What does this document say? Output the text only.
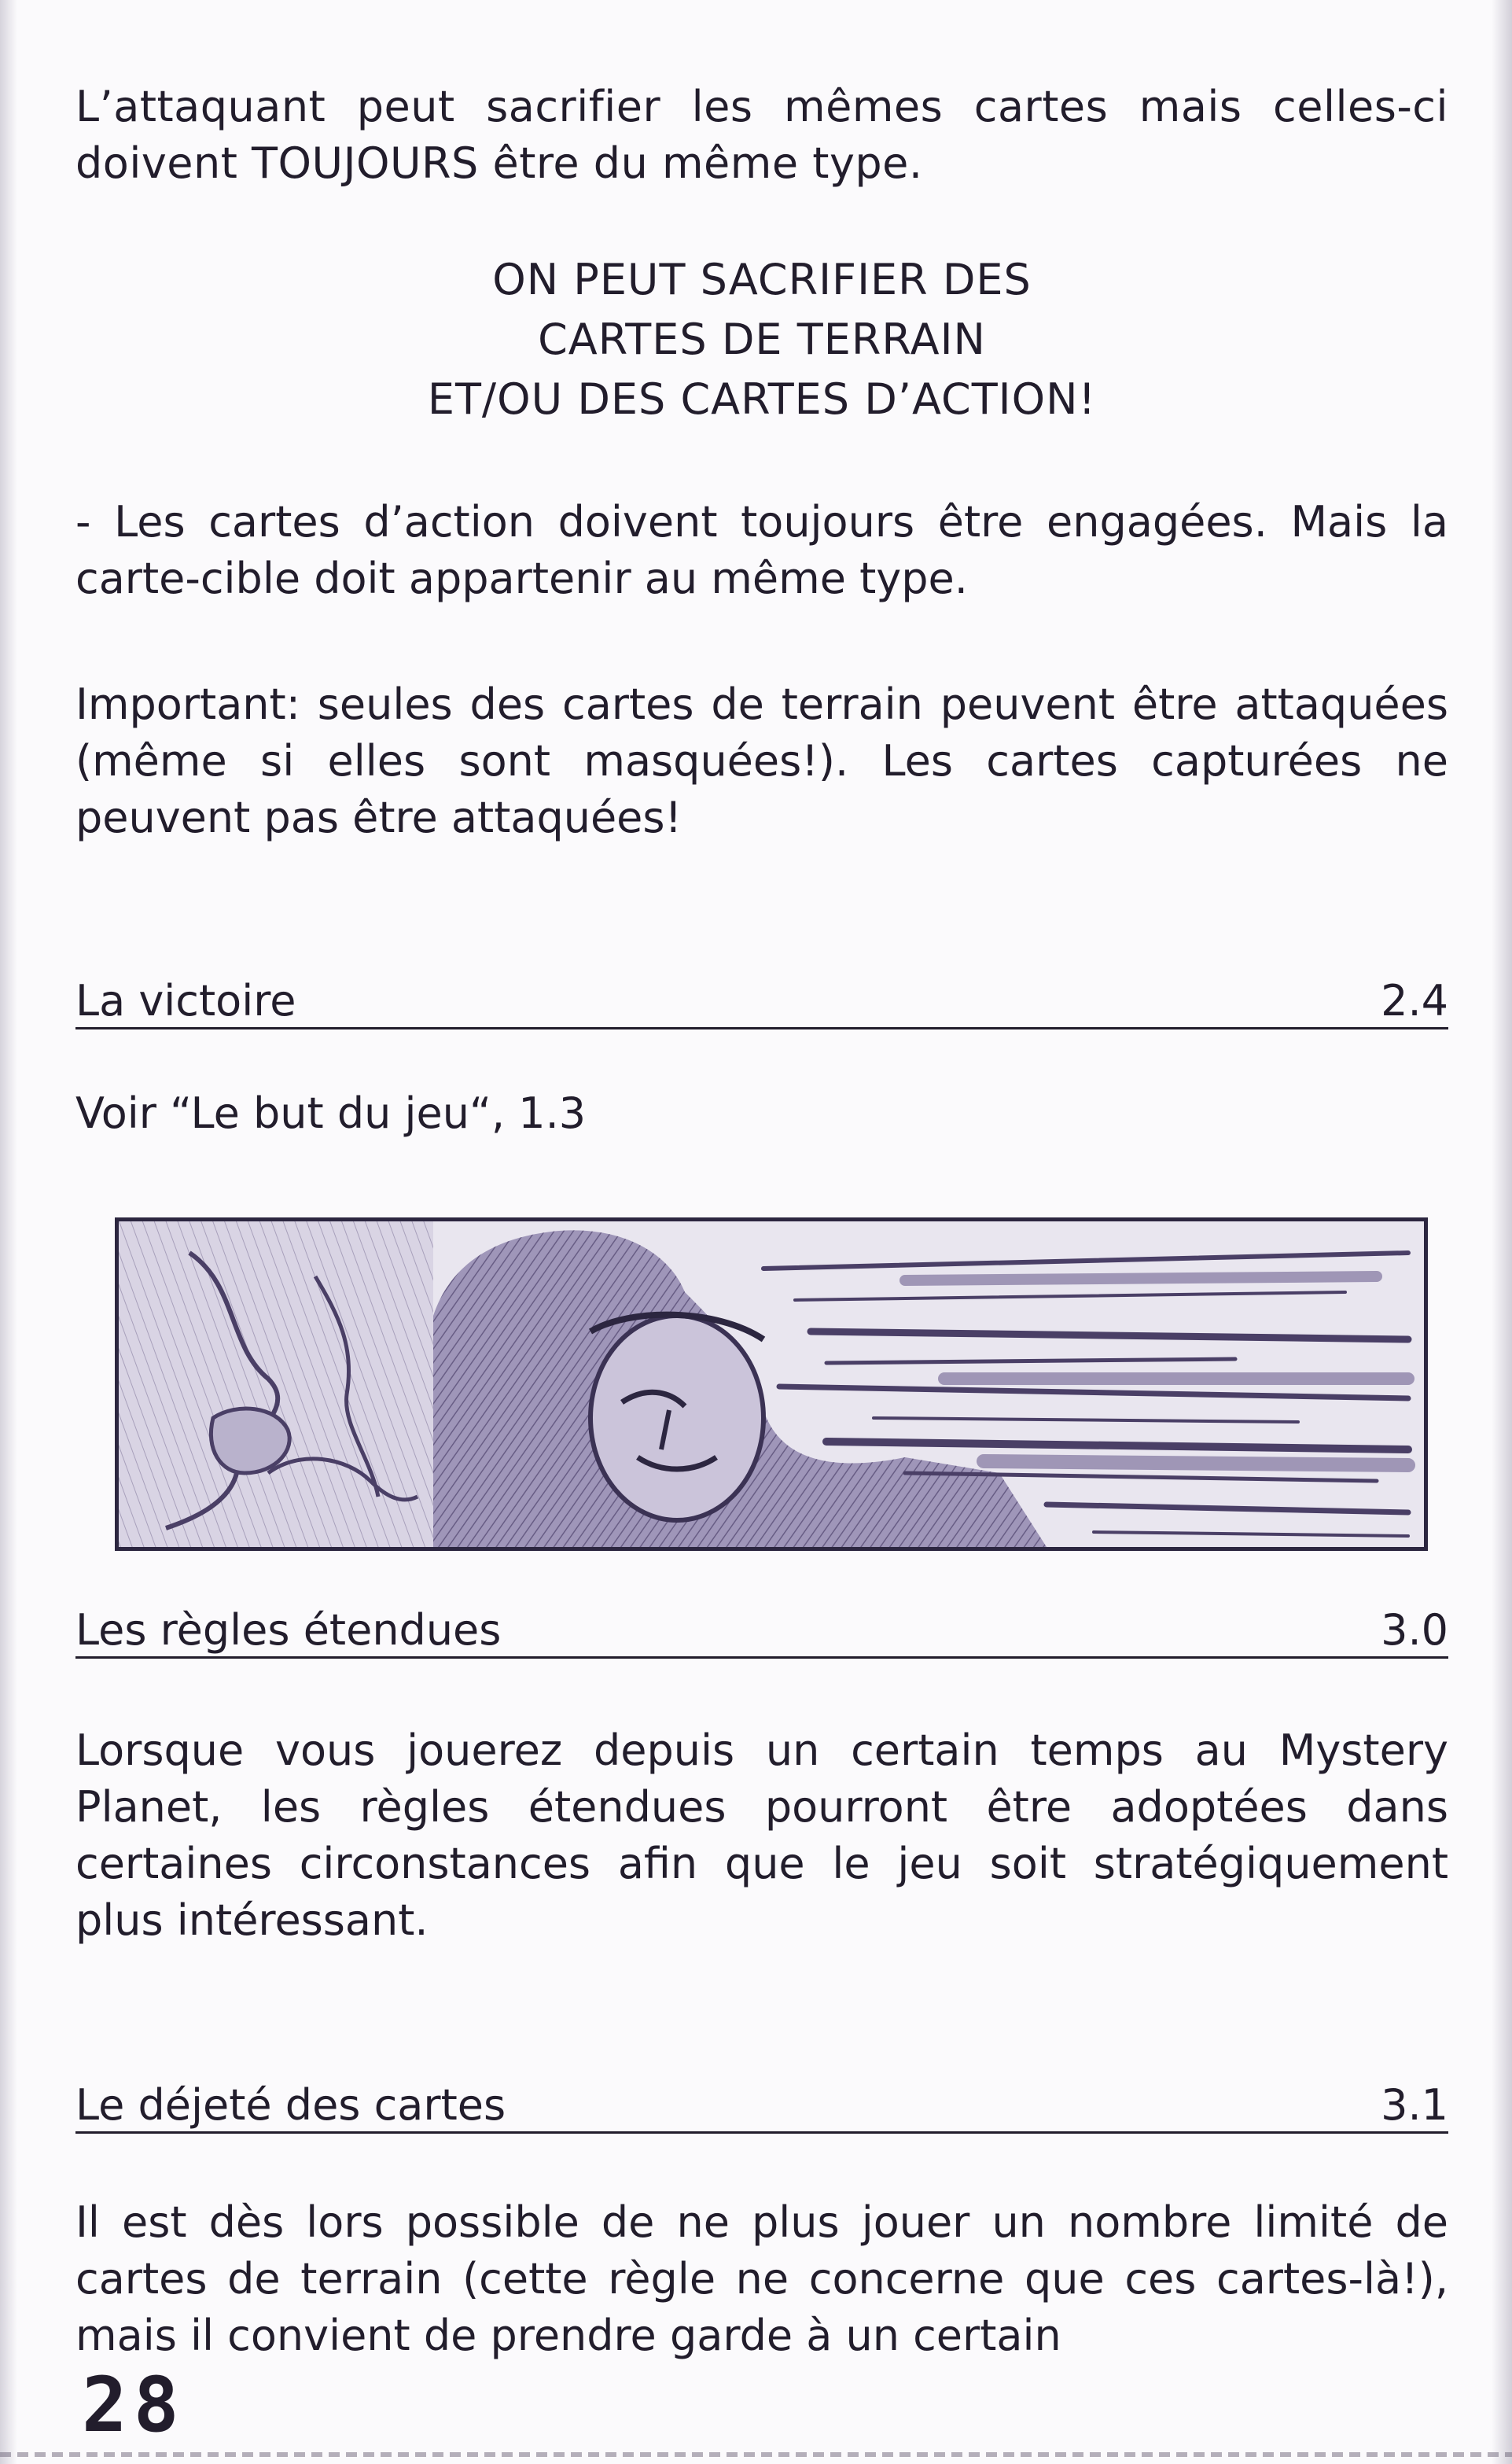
L’attaquant peut sacrifier les mêmes cartes mais celles-ci doivent TOUJOURS être du même type.

ON PEUT SACRIFIER DES
CARTES DE TERRAIN
ET/OU DES CARTES D’ACTION!

- Les cartes d’action doivent toujours être engagées. Mais la carte-cible doit appartenir au même type.

Important: seules des cartes de terrain peuvent être attaquées (même si elles sont masquées!). Les cartes capturées ne peuvent pas être attaquées!

La victoire	2.4

Voir “Le but du jeu“, 1.3

Les règles étendues	3.0

Lorsque vous jouerez depuis un certain temps au Mystery Planet, les règles étendues pourront être adoptées dans certaines circonstances afin que le jeu soit stratégiquement plus intéressant.

Le déjeté des cartes	3.1

Il est dès lors possible de ne plus jouer un nombre limité de cartes de terrain (cette règle ne concerne que ces cartes-là!), mais il convient de prendre garde à un certain

28
